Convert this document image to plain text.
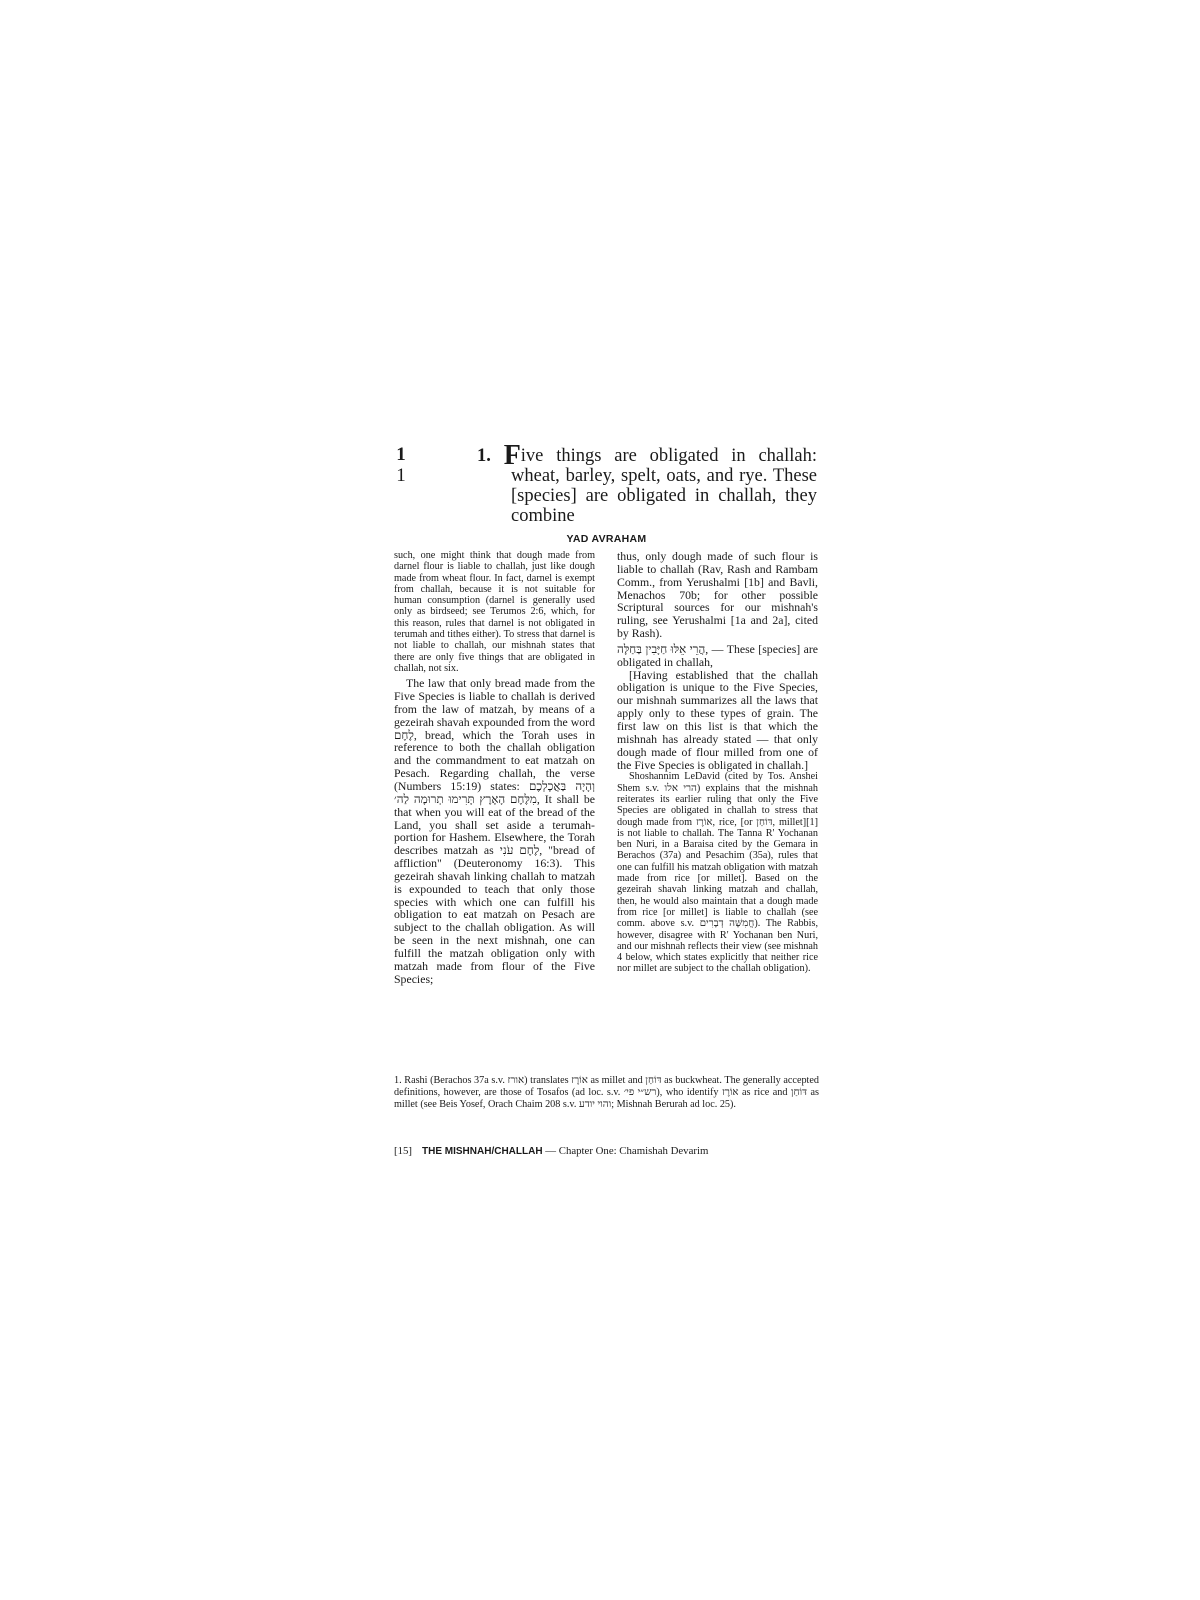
1
1
1. Five things are obligated in challah: wheat, barley, spelt, oats, and rye. These [species] are obligated in challah, they combine
YAD AVRAHAM

such, one might think that dough made from darnel flour is liable to challah, just like dough made from wheat flour. In fact, darnel is exempt from challah, because it is not suitable for human consumption (darnel is generally used only as birdseed; see Terumos 2:6, which, for this reason, rules that darnel is not obligated in terumah and tithes either). To stress that darnel is not liable to challah, our mishnah states that there are only five things that are obligated in challah, not six.

The law that only bread made from the Five Species is liable to challah is derived from the law of matzah, by means of a gezeirah shavah expounded from the word לֶחֶם, bread, which the Torah uses in reference to both the challah obligation and the commandment to eat matzah on Pesach. Regarding challah, the verse (Numbers 15:19) states: וְהָיָה בַּאֲכָלְכֶם מִלֶּחֶם הָאָרֶץ תָּרִימוּ תְרוּמָה לַה׳, It shall be that when you will eat of the bread of the Land, you shall set aside a terumah-portion for Hashem. Elsewhere, the Torah describes matzah as לֶחֶם עֹנִי, "bread of affliction" (Deuteronomy 16:3). This gezeirah shavah linking challah to matzah is expounded to teach that only those species with which one can fulfill his obligation to eat matzah on Pesach are subject to the challah obligation. As will be seen in the next mishnah, one can fulfill the matzah obligation only with matzah made from flour of the Five Species;

thus, only dough made of such flour is liable to challah (Rav, Rash and Rambam Comm., from Yerushalmi [1b] and Bavli, Menachos 70b; for other possible Scriptural sources for our mishnah's ruling, see Yerushalmi [1a and 2a], cited by Rash).

הֲרֵי אֵלּוּ חַיָּבִין בַּחַלָּה, — These [species] are obligated in challah,

[Having established that the challah obligation is unique to the Five Species, our mishnah summarizes all the laws that apply only to these types of grain. The first law on this list is that which the mishnah has already stated — that only dough made of flour milled from one of the Five Species is obligated in challah.]

Shoshannim LeDavid (cited by Tos. Anshei Shem s.v. הרי אלו) explains that the mishnah reiterates its earlier ruling that only the Five Species are obligated in challah to stress that dough made from אוֹרֶז, rice, [or דּוֹחַן, millet][1] is not liable to challah. The Tanna R' Yochanan ben Nuri, in a Baraisa cited by the Gemara in Berachos (37a) and Pesachim (35a), rules that one can fulfill his matzah obligation with matzah made from rice [or millet]. Based on the gezeirah shavah linking matzah and challah, then, he would also maintain that a dough made from rice [or millet] is liable to challah (see comm. above s.v. חֲמִשָּׁה דְבָרִים). The Rabbis, however, disagree with R' Yochanan ben Nuri, and our mishnah reflects their view (see mishnah 4 below, which states explicitly that neither rice nor millet are subject to the challah obligation).

1. Rashi (Berachos 37a s.v. אורז) translates אוֹרֶז as millet and דּוֹחַן as buckwheat. The generally accepted definitions, however, are those of Tosafos (ad loc. s.v. רש״י פי׳), who identify אוֹרֶז as rice and דּוֹחַן as millet (see Beis Yosef, Orach Chaim 208 s.v. והוי יודע; Mishnah Berurah ad loc. 25).
[15] THE MISHNAH/CHALLAH — Chapter One: Chamishah Devarim
